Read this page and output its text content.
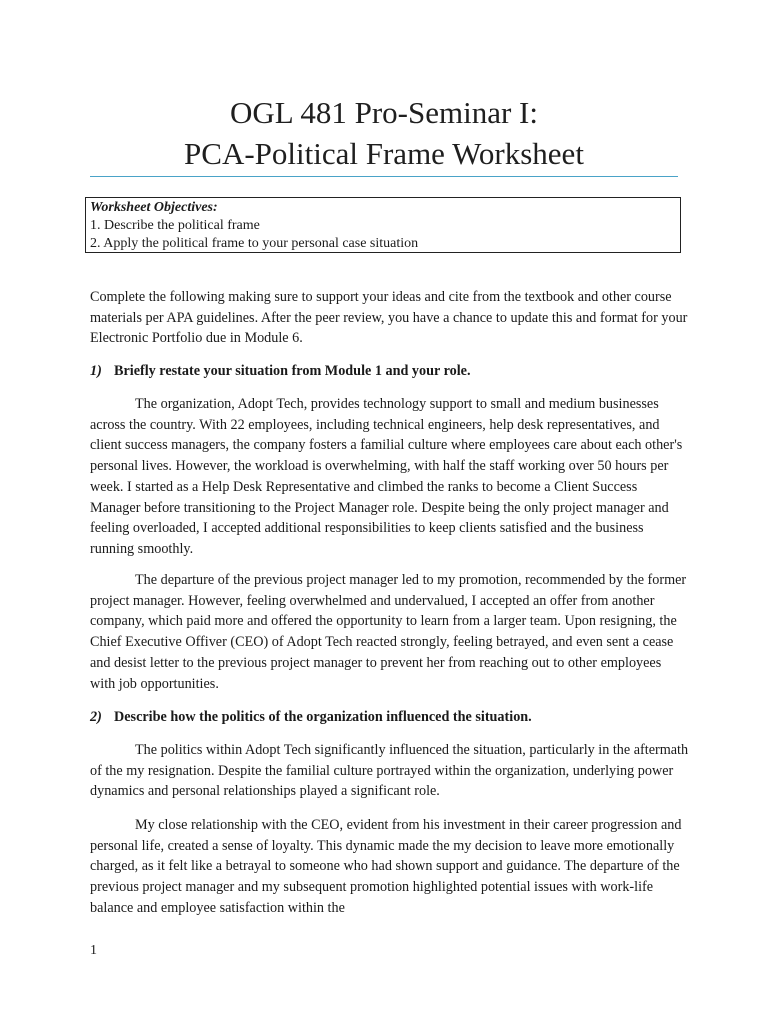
OGL 481 Pro-Seminar I:
PCA-Political Frame Worksheet
Worksheet Objectives:
1. Describe the political frame
2. Apply the political frame to your personal case situation
Complete the following making sure to support your ideas and cite from the textbook and other course materials per APA guidelines. After the peer review, you have a chance to update this and format for your Electronic Portfolio due in Module 6.
1) Briefly restate your situation from Module 1 and your role.
The organization, Adopt Tech, provides technology support to small and medium businesses across the country. With 22 employees, including technical engineers, help desk representatives, and client success managers, the company fosters a familial culture where employees care about each other's personal lives. However, the workload is overwhelming, with half the staff working over 50 hours per week. I started as a Help Desk Representative and climbed the ranks to become a Client Success Manager before transitioning to the Project Manager role. Despite being the only project manager and feeling overloaded, I accepted additional responsibilities to keep clients satisfied and the business running smoothly.
The departure of the previous project manager led to my promotion, recommended by the former project manager. However, feeling overwhelmed and undervalued, I accepted an offer from another company, which paid more and offered the opportunity to learn from a larger team. Upon resigning, the Chief Executive Offiver (CEO) of Adopt Tech reacted strongly, feeling betrayed, and even sent a cease and desist letter to the previous project manager to prevent her from reaching out to other employees with job opportunities.
2) Describe how the politics of the organization influenced the situation.
The politics within Adopt Tech significantly influenced the situation, particularly in the aftermath of the my resignation. Despite the familial culture portrayed within the organization, underlying power dynamics and personal relationships played a significant role.
My close relationship with the CEO, evident from his investment in their career progression and personal life, created a sense of loyalty. This dynamic made the my decision to leave more emotionally charged, as it felt like a betrayal to someone who had shown support and guidance. The departure of the previous project manager and my subsequent promotion highlighted potential issues with work-life balance and employee satisfaction within the
1
